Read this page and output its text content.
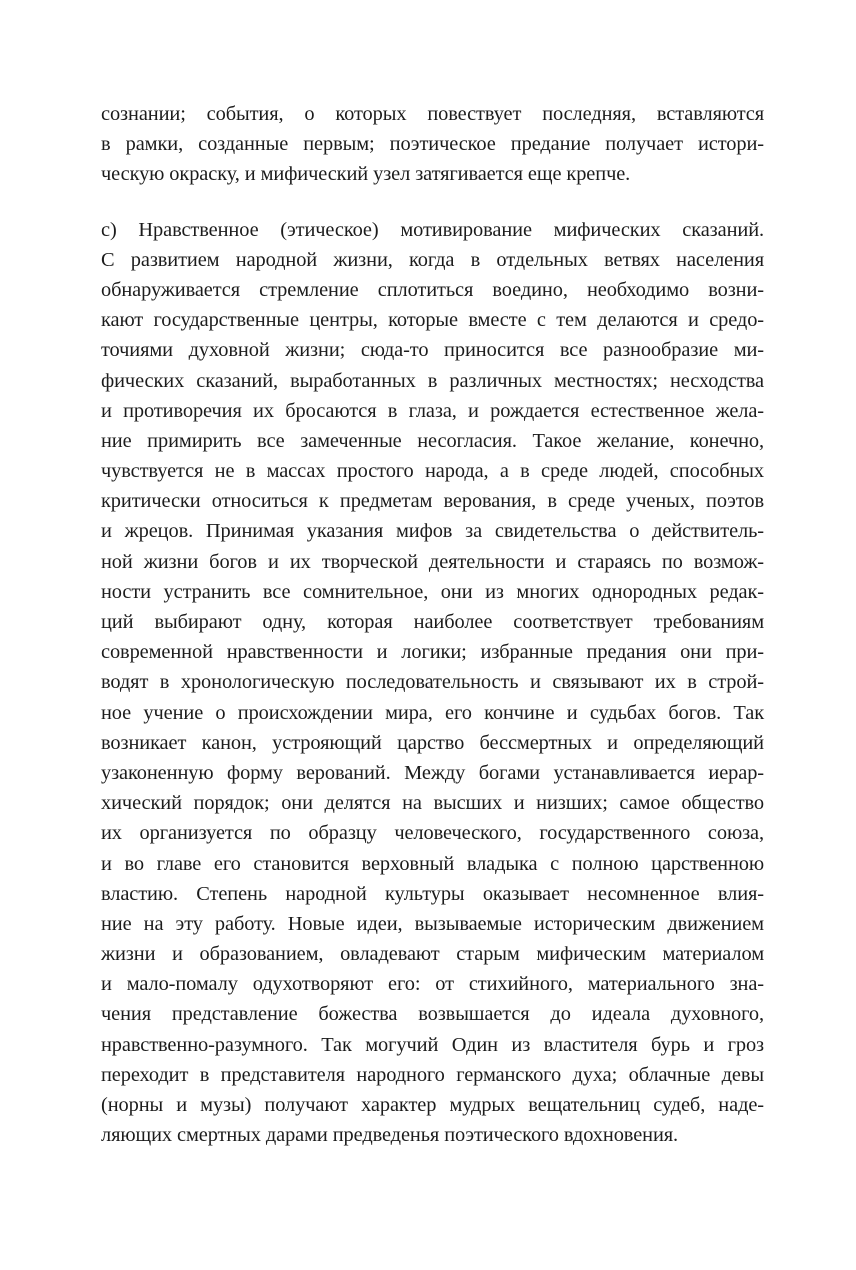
сознании; события, о которых повествует последняя, вставляются
в рамки, созданные первым; поэтическое предание получает истори-
ческую окраску, и мифический узел затягивается еще крепче.
с) Нравственное (этическое) мотивирование мифических сказаний.
С развитием народной жизни, когда в отдельных ветвях населения
обнаруживается стремление сплотиться воедино, необходимо возни-
кают государственные центры, которые вместе с тем делаются и средо-
точиями духовной жизни; сюда-то приносится все разнообразие ми-
фических сказаний, выработанных в различных местностях; несходства
и противоречия их бросаются в глаза, и рождается естественное жела-
ние примирить все замеченные несогласия. Такое желание, конечно,
чувствуется не в массах простого народа, а в среде людей, способных
критически относиться к предметам верования, в среде ученых, поэтов
и жрецов. Принимая указания мифов за свидетельства о действитель-
ной жизни богов и их творческой деятельности и стараясь по возмож-
ности устранить все сомнительное, они из многих однородных редак-
ций выбирают одну, которая наиболее соответствует требованиям
современной нравственности и логики; избранные предания они при-
водят в хронологическую последовательность и связывают их в строй-
ное учение о происхождении мира, его кончине и судьбах богов. Так
возникает канон, устрояющий царство бессмертных и определяющий
узаконенную форму верований. Между богами устанавливается иерар-
хический порядок; они делятся на высших и низших; самое общество
их организуется по образцу человеческого, государственного союза,
и во главе его становится верховный владыка с полною царственною
властию. Степень народной культуры оказывает несомненное влия-
ние на эту работу. Новые идеи, вызываемые историческим движением
жизни и образованием, овладевают старым мифическим материалом
и мало-помалу одухотворяют его: от стихийного, материального зна-
чения представление божества возвышается до идеала духовного,
нравственно-разумного. Так могучий Один из властителя бурь и гроз
переходит в представителя народного германского духа; облачные девы
(норны и музы) получают характер мудрых вещательниц судеб, наде-
ляющих смертных дарами предведенья поэтического вдохновения.
